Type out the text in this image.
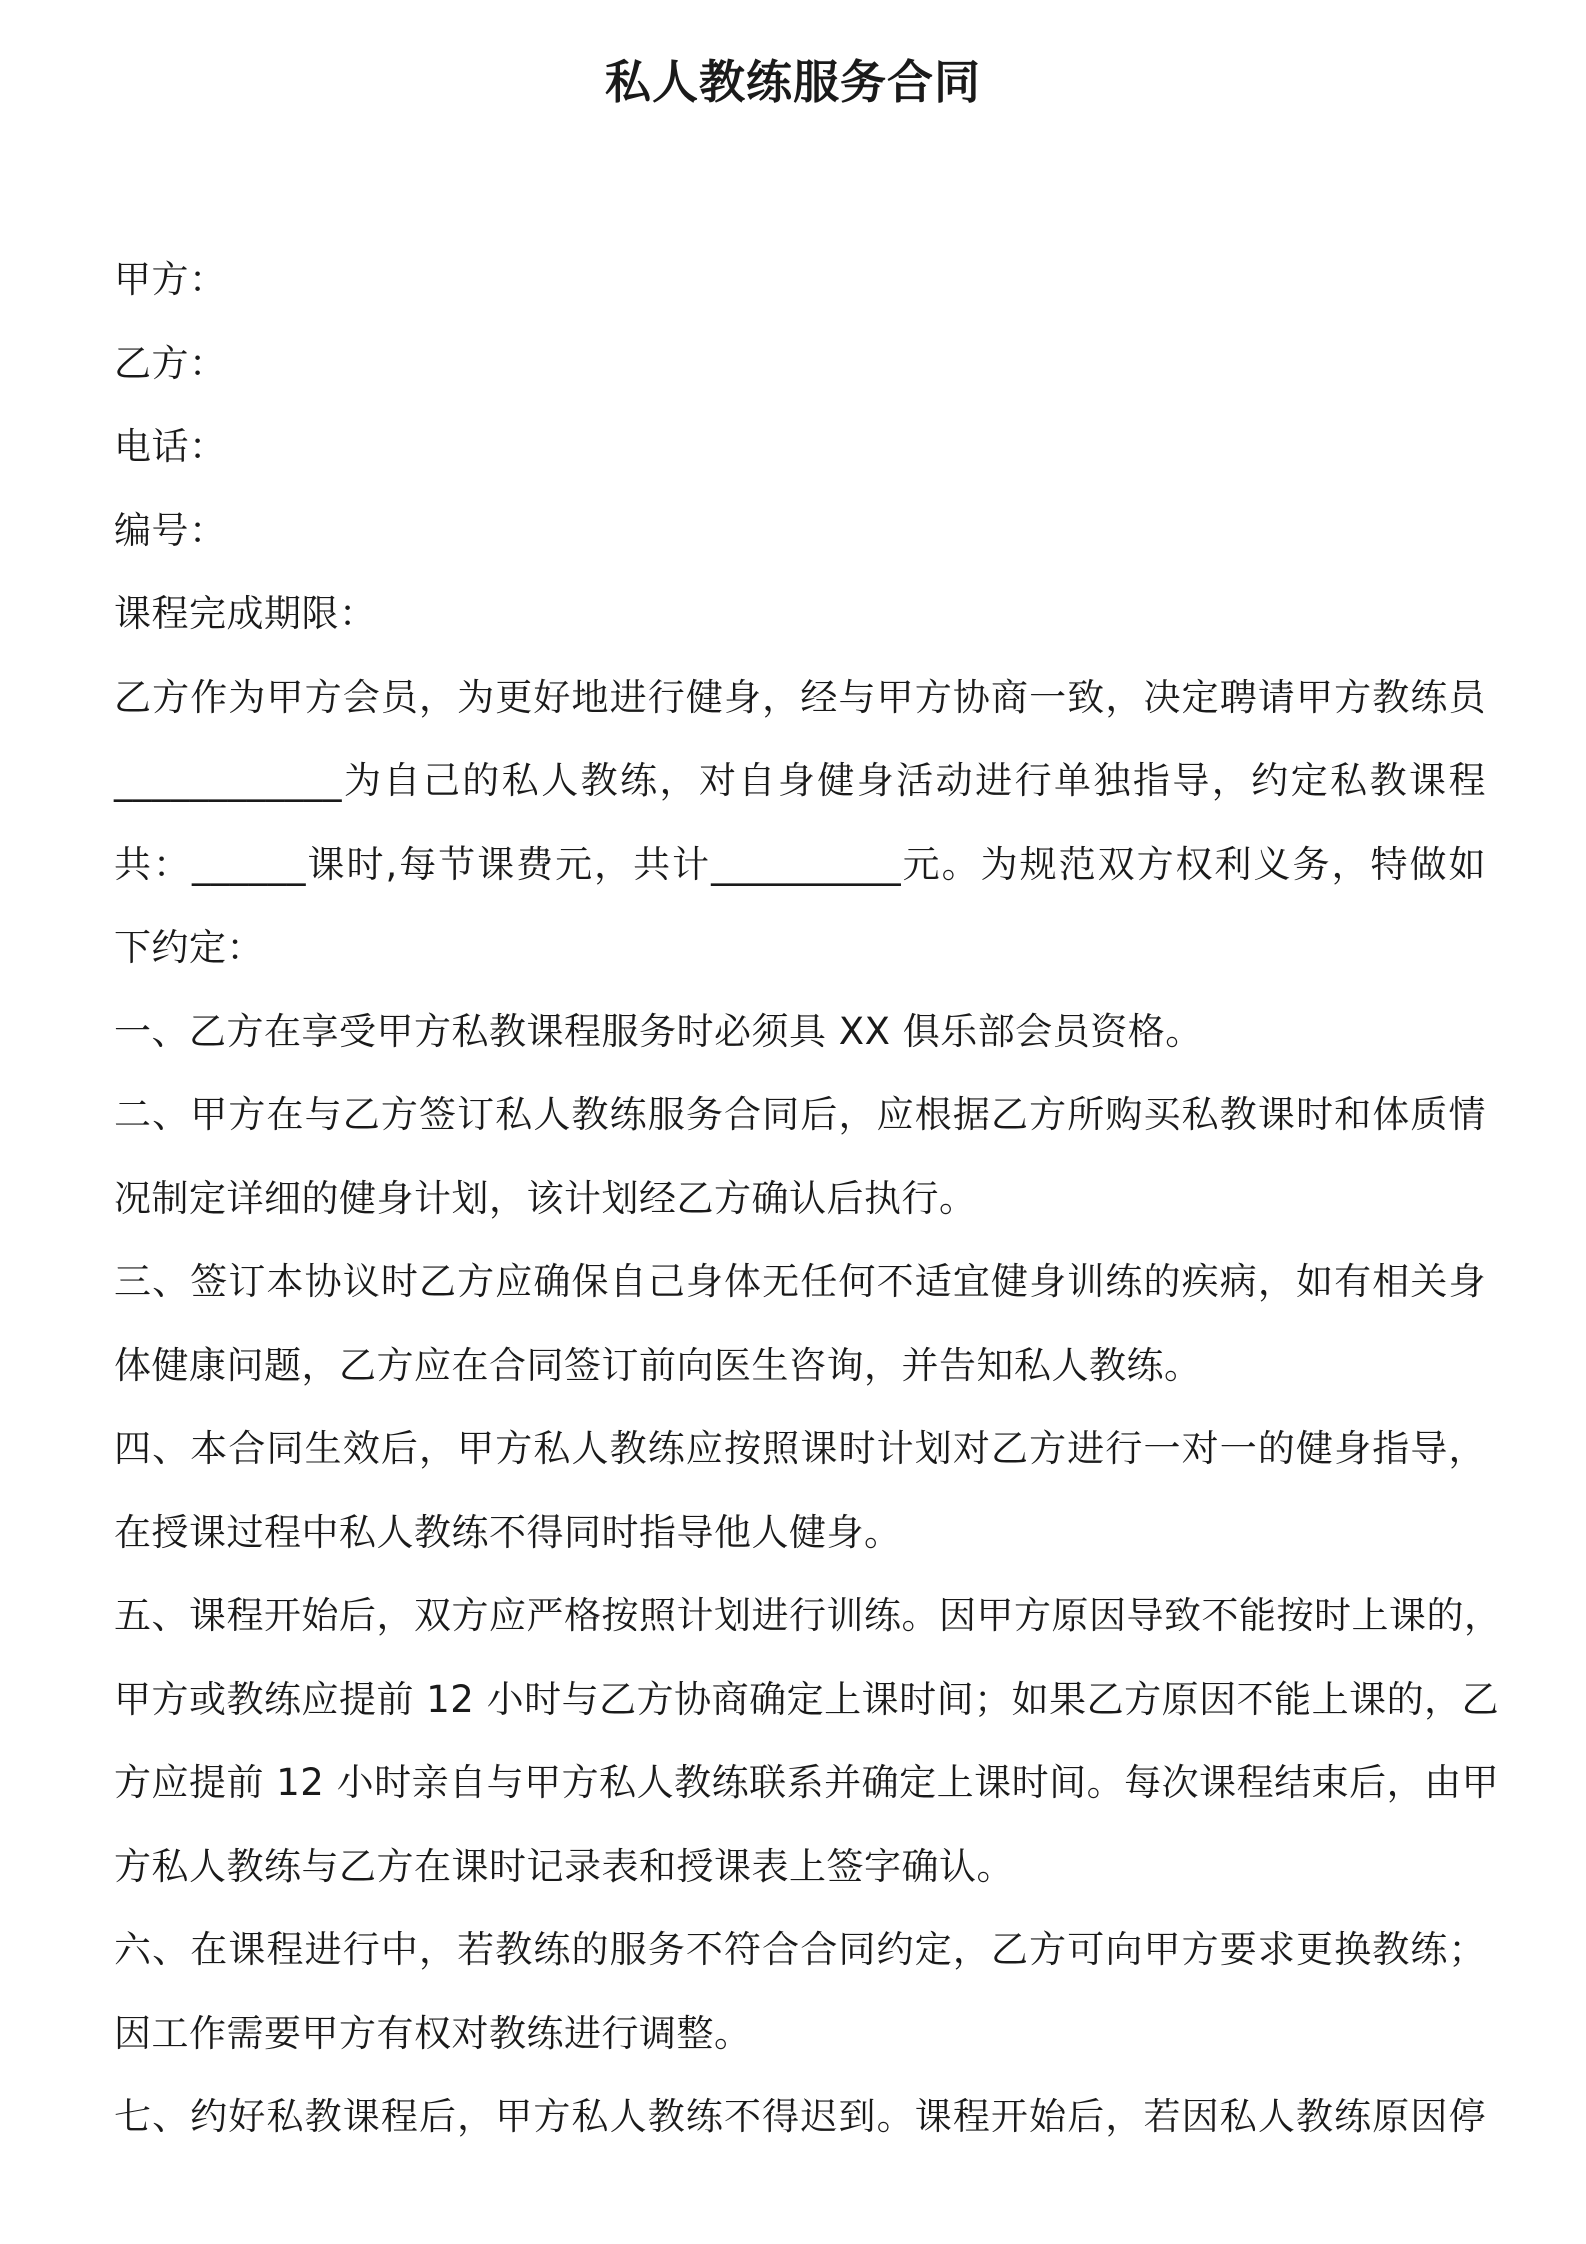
私人教练服务合同
甲方：
乙方：
电话：
编号：
课程完成期限：
乙方作为甲方会员，为更好地进行健身，经与甲方协商一致，决定聘请甲方教练员
____________为自己的私人教练，对自身健身活动进行单独指导，约定私教课程
共：______课时,每节课费元，共计__________元。为规范双方权利义务，特做如
下约定：
一、乙方在享受甲方私教课程服务时必须具 XX 俱乐部会员资格。
二、甲方在与乙方签订私人教练服务合同后，应根据乙方所购买私教课时和体质情
况制定详细的健身计划，该计划经乙方确认后执行。
三、签订本协议时乙方应确保自己身体无任何不适宜健身训练的疾病，如有相关身
体健康问题，乙方应在合同签订前向医生咨询，并告知私人教练。
四、本合同生效后，甲方私人教练应按照课时计划对乙方进行一对一的健身指导，
在授课过程中私人教练不得同时指导他人健身。
五、课程开始后，双方应严格按照计划进行训练。因甲方原因导致不能按时上课的，
甲方或教练应提前 12 小时与乙方协商确定上课时间；如果乙方原因不能上课的，乙
方应提前 12 小时亲自与甲方私人教练联系并确定上课时间。每次课程结束后，由甲
方私人教练与乙方在课时记录表和授课表上签字确认。
六、在课程进行中，若教练的服务不符合合同约定，乙方可向甲方要求更换教练；
因工作需要甲方有权对教练进行调整。
七、约好私教课程后，甲方私人教练不得迟到。课程开始后，若因私人教练原因停
